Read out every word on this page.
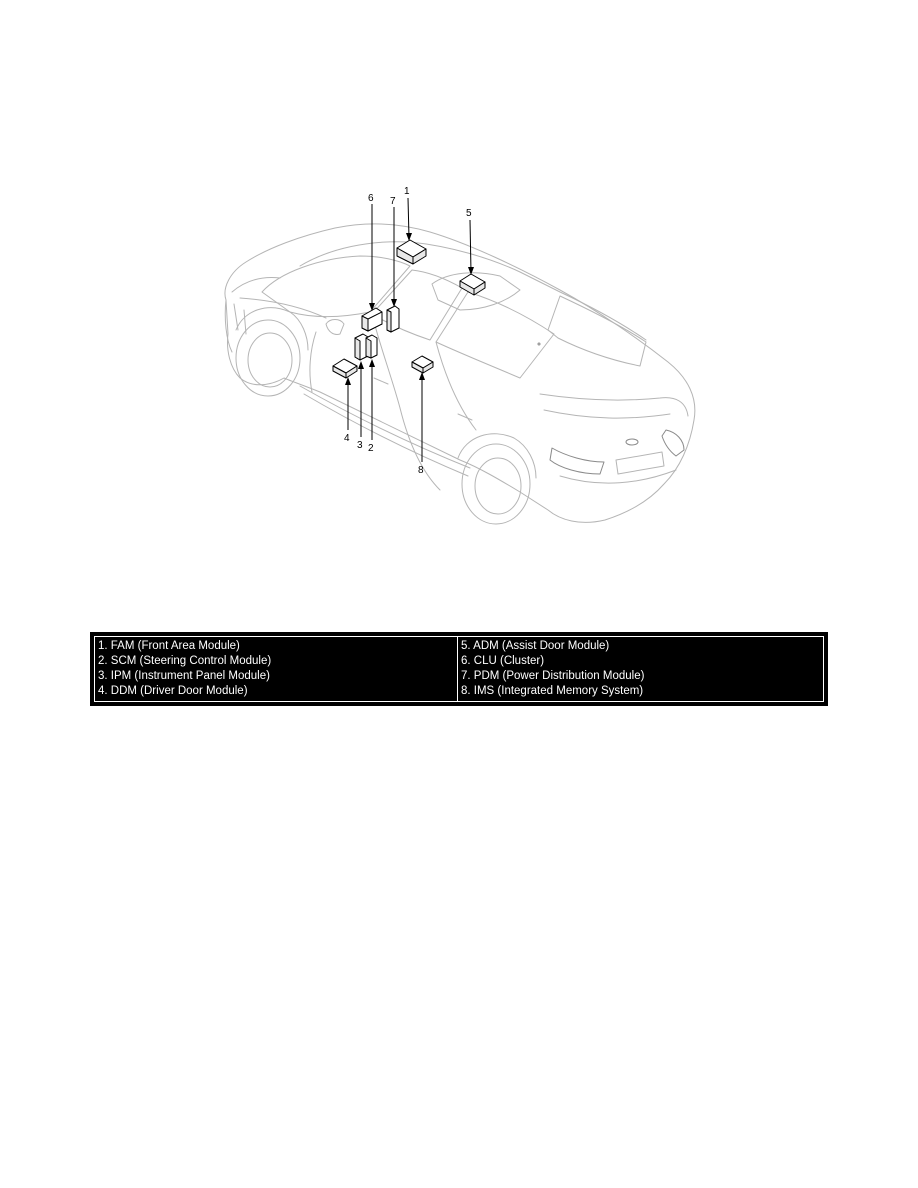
1
2
3
4
5
6 7
8
1. FAM (Front Area Module)
2. SCM (Steering Control Module)
3. IPM (Instrument Panel Module)
4. DDM (Driver Door Module)
5. ADM (Assist Door Module)
6. CLU (Cluster)
7. PDM (Power Distribution Module)
8. IMS (Integrated Memory System)
